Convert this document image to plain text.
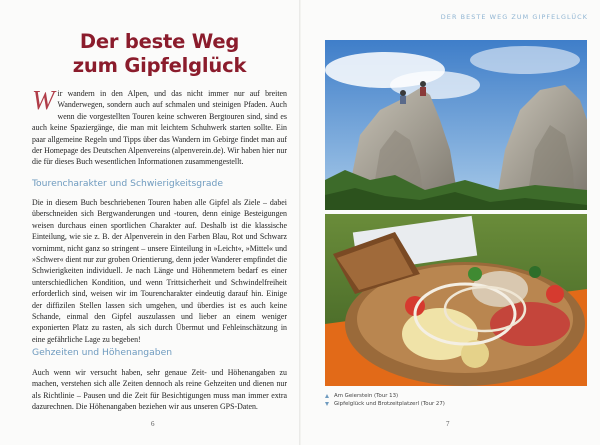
Der beste Weg
zum Gipfelglück

Wir wandern in den Alpen, und das nicht immer nur auf breiten Wanderwegen, sondern auch auf schmalen und steinigen Pfaden. Auch wenn die vorgestellten Touren keine schweren Bergtouren sind, sind es auch keine Spaziergänge, die man mit leichtem Schuhwerk starten sollte. Ein paar allgemeine Regeln und Tipps über das Wandern im Gebirge findet man auf der Homepage des Deutschen Alpenvereins (alpenverein.de). Wir haben hier nur die für dieses Buch wesentlichen Informationen zusammengestellt.

Tourencharakter und Schwierigkeitsgrade

Die in diesem Buch beschriebenen Touren haben alle Gipfel als Ziele – dabei überschneiden sich Bergwanderungen und -touren, denn einige Besteigungen weisen durchaus einen sportlichen Charakter auf. Deshalb ist die klassische Einteilung, wie sie z. B. der Alpenverein in den Farben Blau, Rot und Schwarz vornimmt, nicht ganz so stringent – unsere Einteilung in »Leicht«, »Mittel« und »Schwer« dient nur zur groben Orientierung, denn jeder Wanderer empfindet die Schwierigkeiten individuell. Je nach Länge und Höhenmetern bedarf es einer unterschiedlichen Kondition, und wenn Trittsicherheit und Schwindelfreiheit erforderlich sind, weisen wir im Tourencharakter eindeutig darauf hin. Einige der diffizilen Stellen lassen sich umgehen, und überdies ist es auch keine Schande, einmal den Gipfel auszulassen und lieber an einem weniger exponierten Platz zu rasten, als sich durch Übermut und Fehleinschätzung in eine gefährliche Lage zu begeben!

Gehzeiten und Höhenangaben

Auch wenn wir versucht haben, sehr genaue Zeit- und Höhenangaben zu machen, verstehen sich alle Zeiten dennoch als reine Gehzeiten und dienen nur als Richtlinie – Pausen und die Zeit für Besichtigungen muss man immer extra dazurechnen. Die Höhenangaben beziehen wir aus unseren GPS-Daten.

6
DER BESTE WEG ZUM GIPFELGLÜCK
Am Geierstein (Tour 13)
Gipfelglück und Brotzeitplatzerl (Tour 27)
7
